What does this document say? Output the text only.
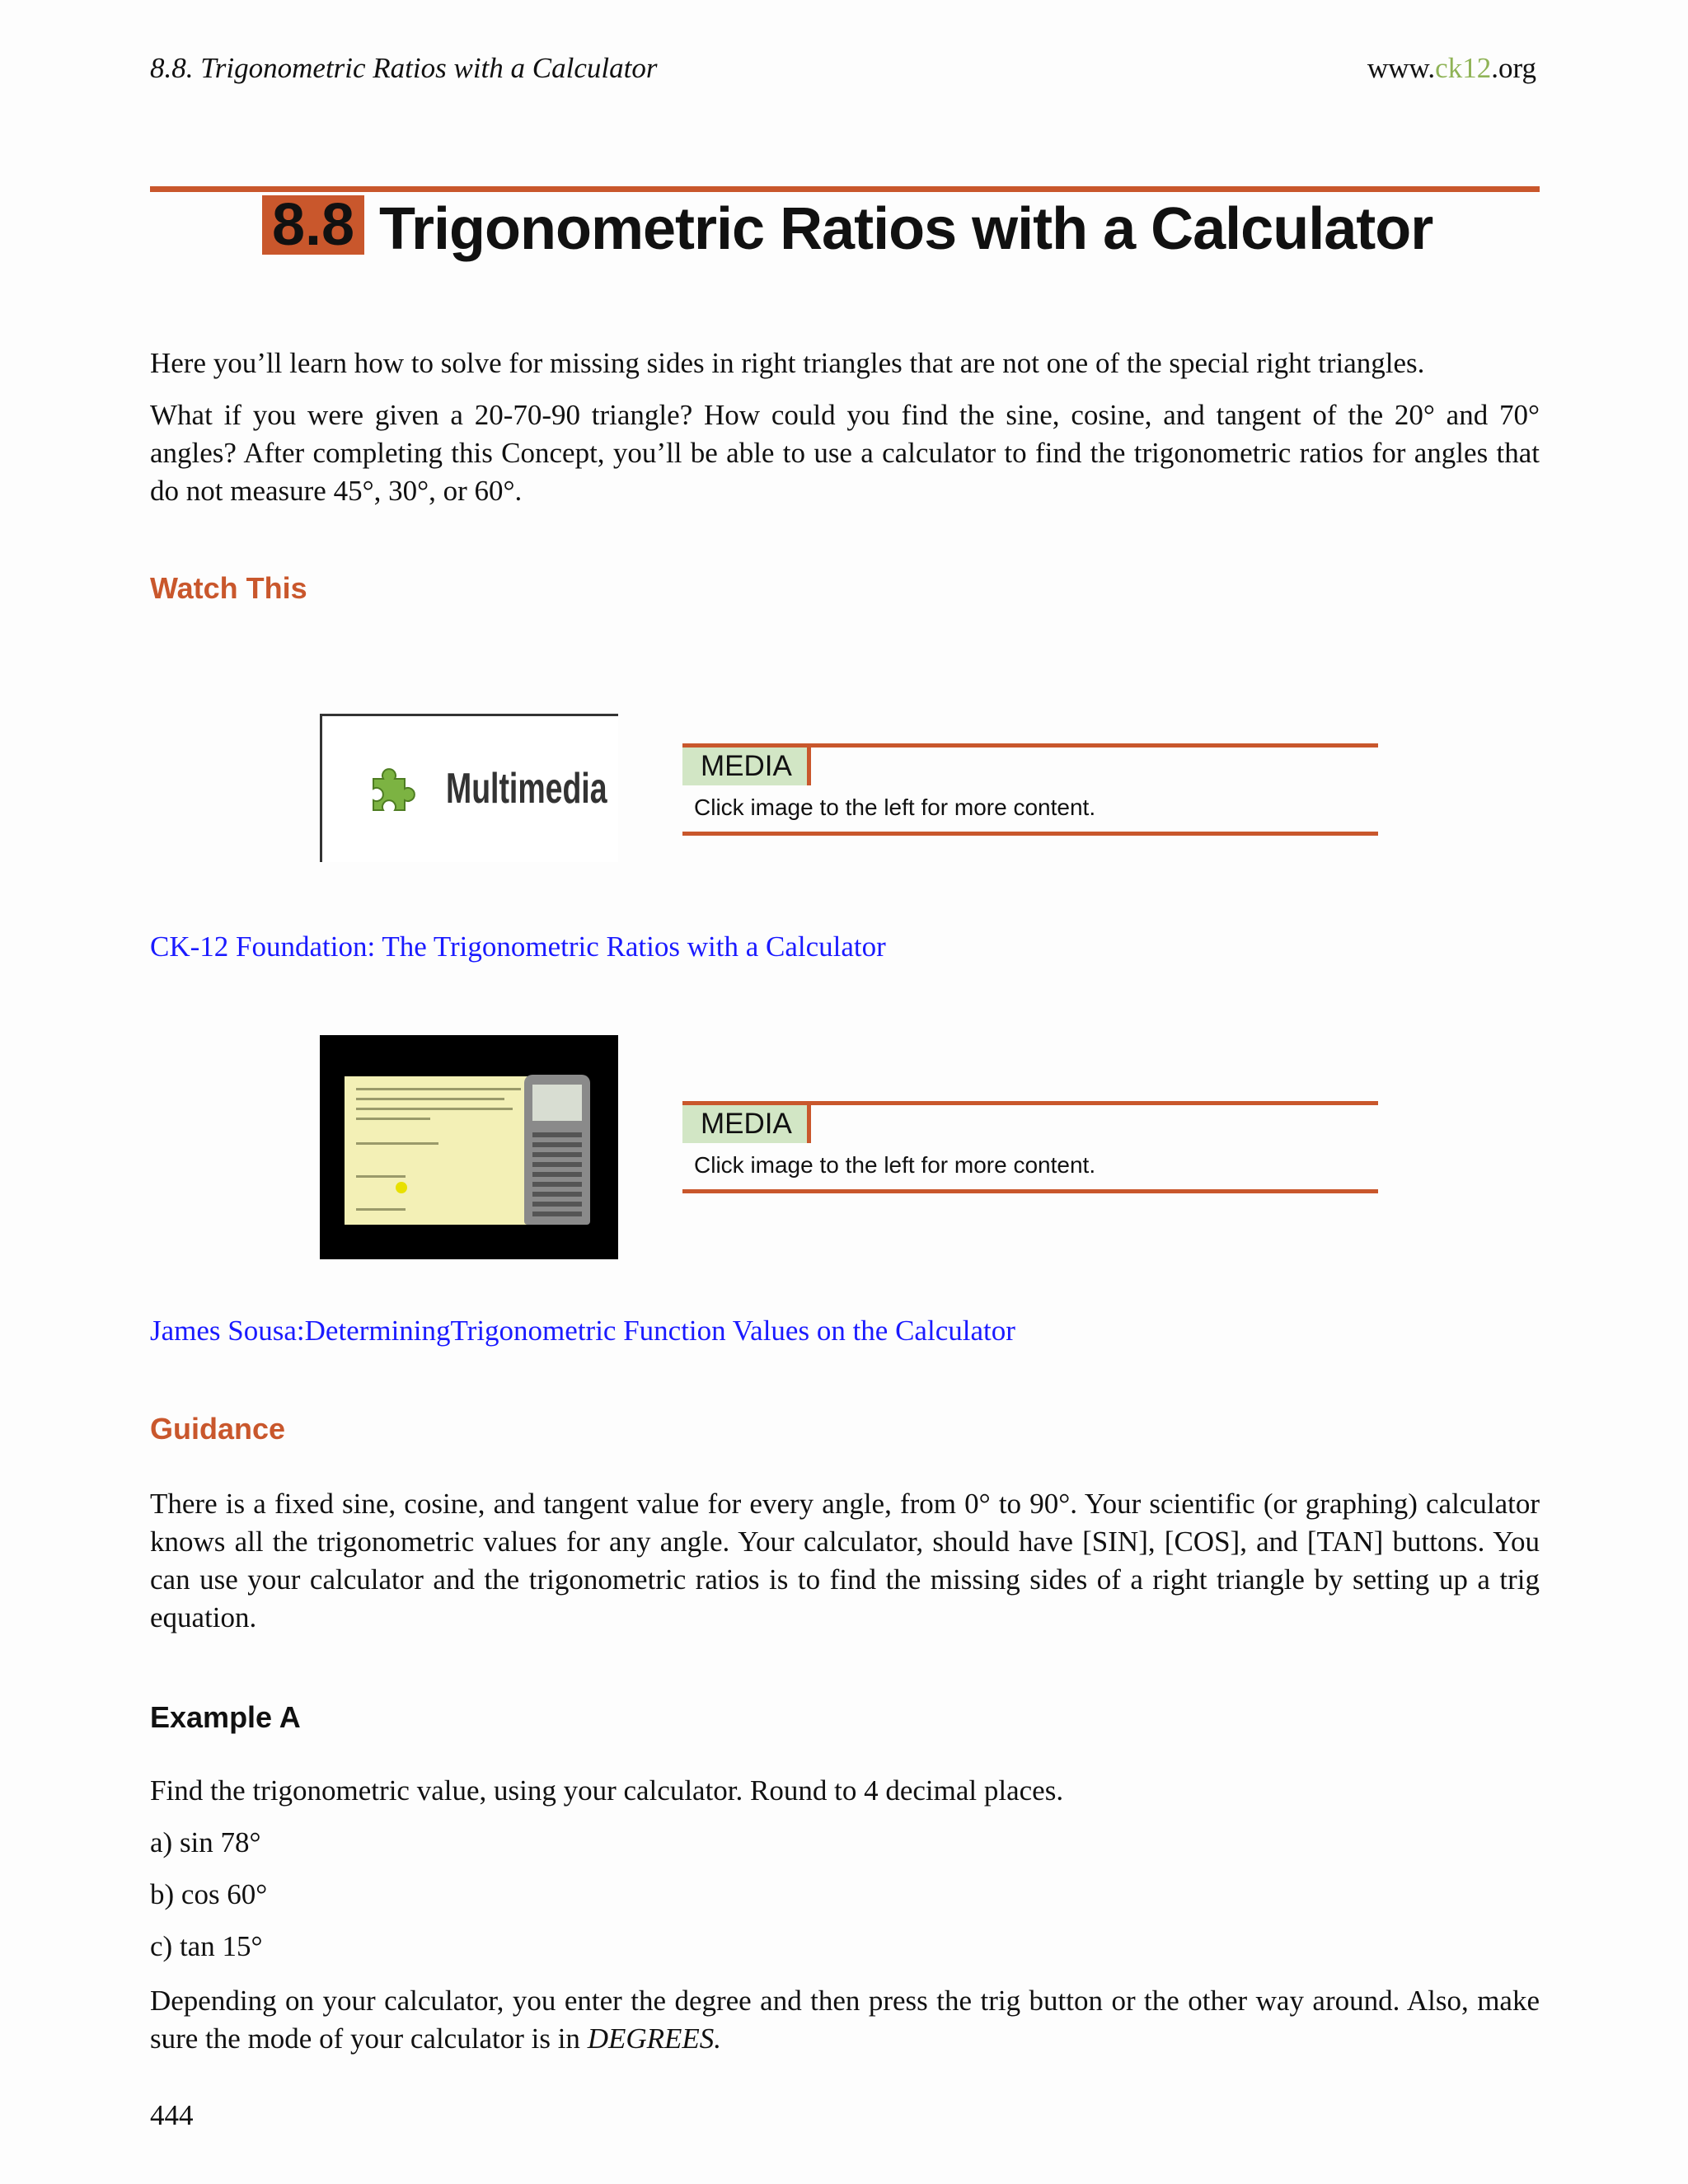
8.8. Trigonometric Ratios with a Calculator	www.ck12.org
8.8 Trigonometric Ratios with a Calculator
Here you’ll learn how to solve for missing sides in right triangles that are not one of the special right triangles.
What if you were given a 20-70-90 triangle? How could you find the sine, cosine, and tangent of the 20° and 70° angles? After completing this Concept, you’ll be able to use a calculator to find the trigonometric ratios for angles that do not measure 45°, 30°, or 60°.
Watch This
Multimedia	MEDIA
Click image to the left for more content.
CK-12 Foundation: The Trigonometric Ratios with a Calculator
MEDIA
Click image to the left for more content.
James Sousa:DeterminingTrigonometric Function Values on the Calculator
Guidance
There is a fixed sine, cosine, and tangent value for every angle, from 0° to 90°. Your scientific (or graphing) calculator knows all the trigonometric values for any angle. Your calculator, should have [SIN], [COS], and [TAN] buttons. You can use your calculator and the trigonometric ratios is to find the missing sides of a right triangle by setting up a trig equation.
Example A
Find the trigonometric value, using your calculator. Round to 4 decimal places.
a) sin 78°
b) cos 60°
c) tan 15°
Depending on your calculator, you enter the degree and then press the trig button or the other way around. Also, make sure the mode of your calculator is in DEGREES.
444
